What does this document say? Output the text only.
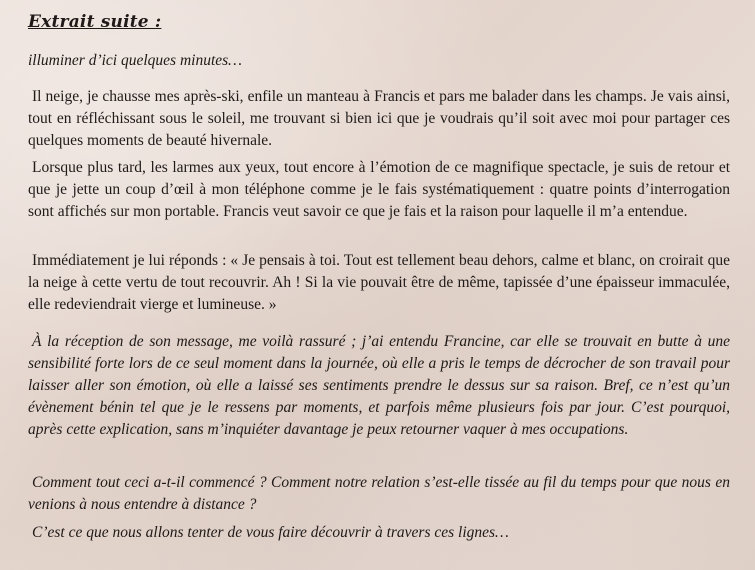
Extrait suite :
illuminer d’ici quelques minutes…

Il neige, je chausse mes après-ski, enfile un manteau à Francis et pars me balader dans les champs. Je vais ainsi, tout en réfléchissant sous le soleil, me trouvant si bien ici que je voudrais qu’il soit avec moi pour partager ces quelques moments de beauté hivernale.

Lorsque plus tard, les larmes aux yeux, tout encore à l’émotion de ce magnifique spectacle, je suis de retour et que je jette un coup d’œil à mon téléphone comme je le fais systématiquement : quatre points d’interrogation sont affichés sur mon portable. Francis veut savoir ce que je fais et la raison pour laquelle il m’a entendue.

Immédiatement je lui réponds : « Je pensais à toi. Tout est tellement beau dehors, calme et blanc, on croirait que la neige à cette vertu de tout recouvrir. Ah ! Si la vie pouvait être de même, tapissée d’une épaisseur immaculée, elle redeviendrait vierge et lumineuse. »

À la réception de son message, me voilà rassuré ; j’ai entendu Francine, car elle se trouvait en butte à une sensibilité forte lors de ce seul moment dans la journée, où elle a pris le temps de décrocher de son travail pour laisser aller son émotion, où elle a laissé ses sentiments prendre le dessus sur sa raison. Bref, ce n’est qu’un évènement bénin tel que je le ressens par moments, et parfois même plusieurs fois par jour. C’est pourquoi, après cette explication, sans m’inquiéter davantage je peux retourner vaquer à mes occupations.

Comment tout ceci a-t-il commencé ? Comment notre relation s’est-elle tissée au fil du temps pour que nous en venions à nous entendre à distance ?

C’est ce que nous allons tenter de vous faire découvrir à travers ces lignes…
